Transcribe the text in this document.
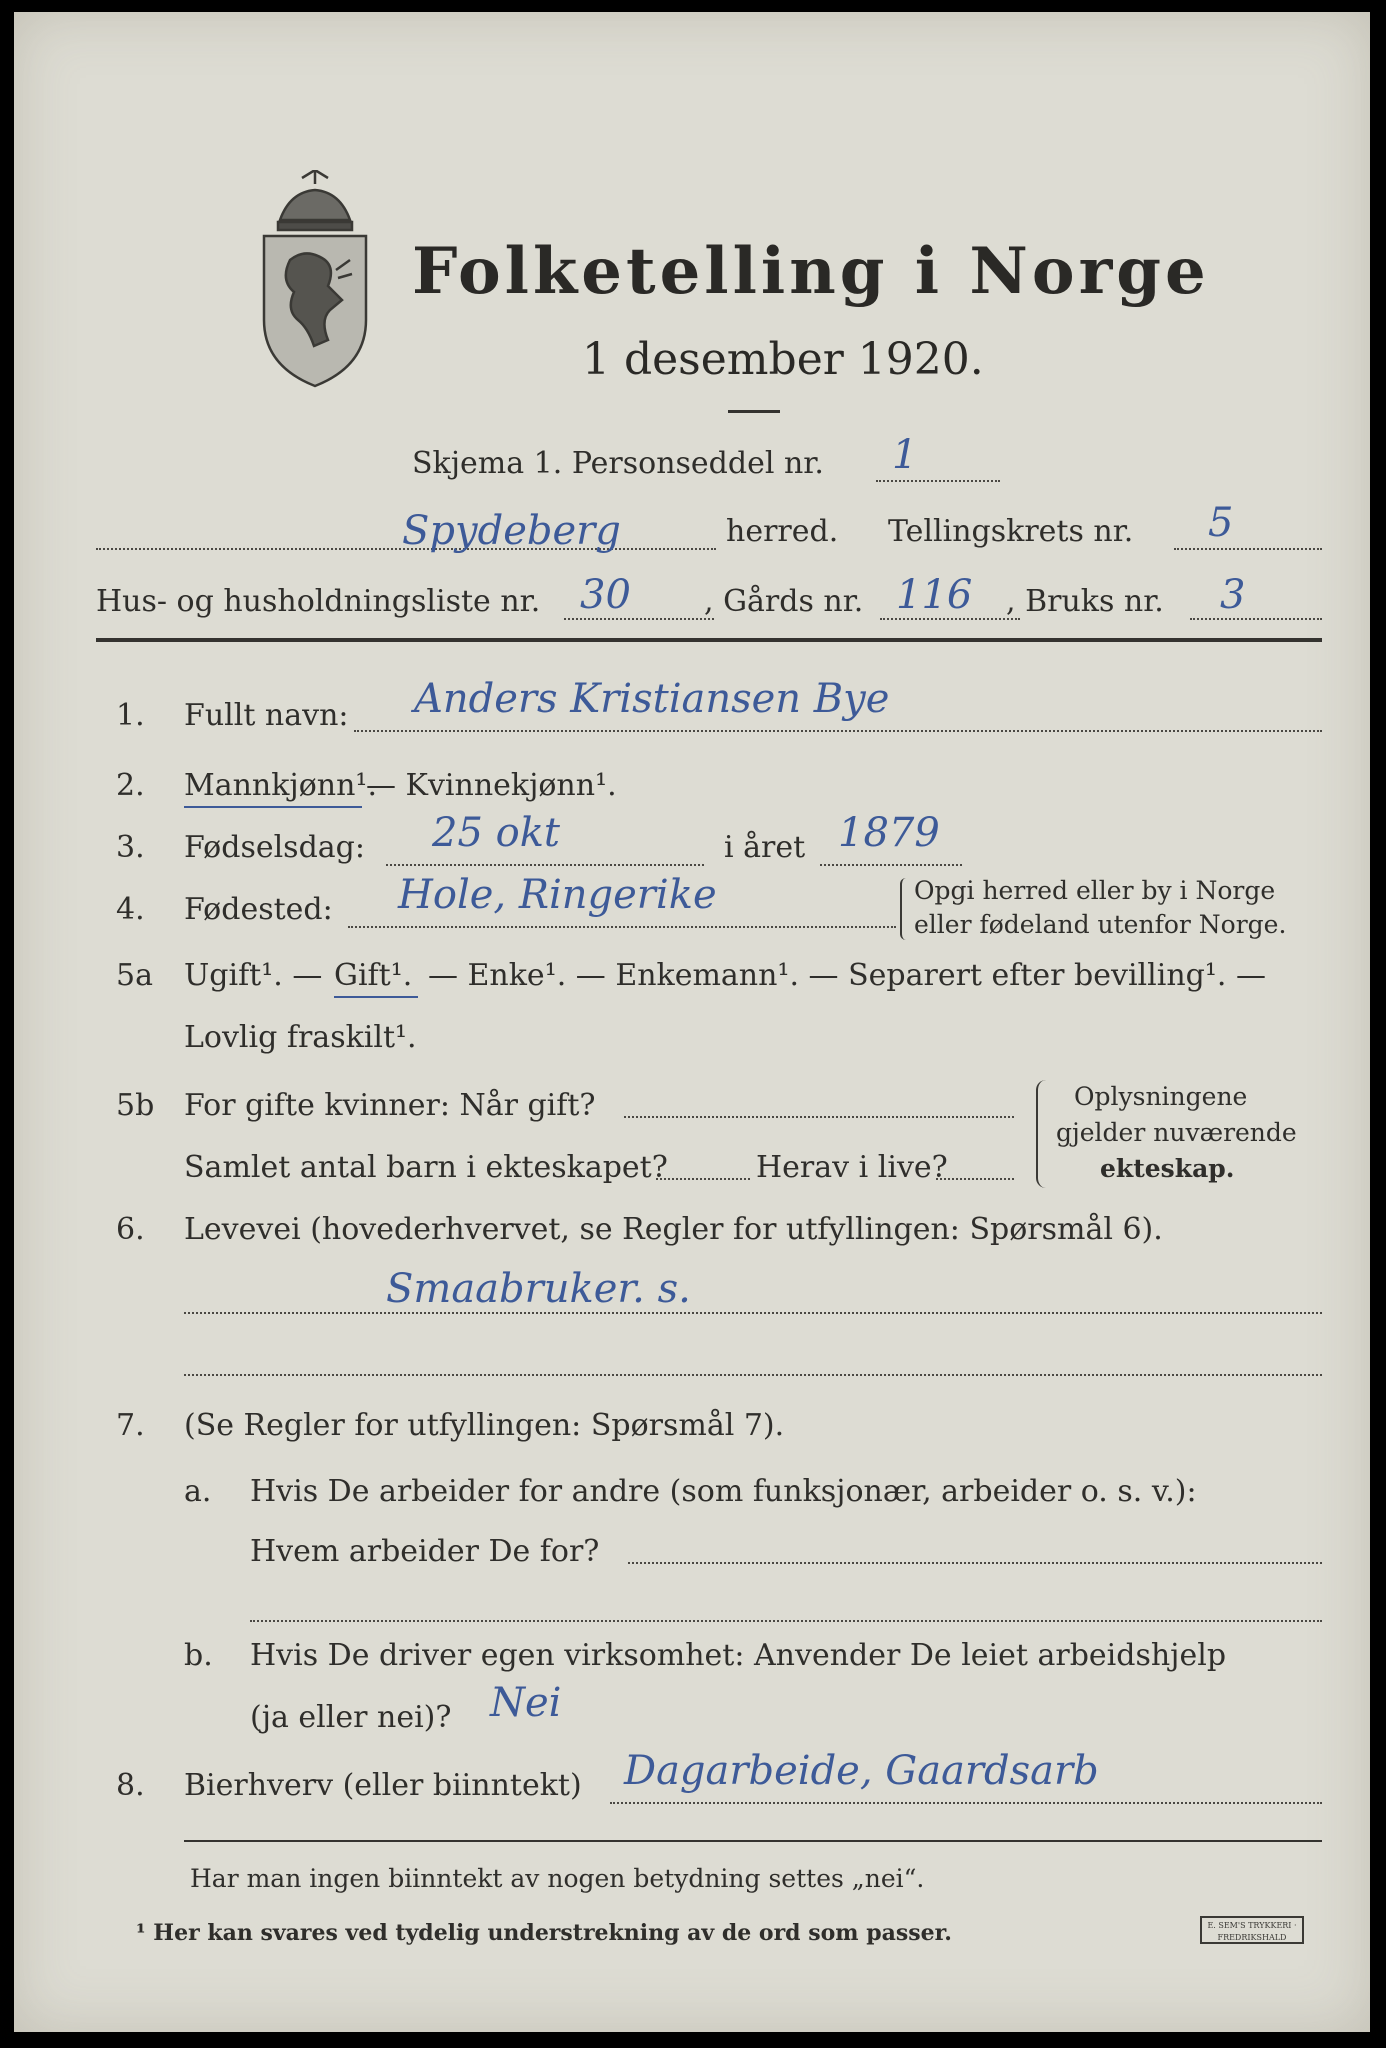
Folketelling i Norge
1 desember 1920.
Skjema 1. Personseddel nr. 1
Spydeberg	herred. Tellingskrets nr. 5
Hus- og husholdningsliste nr. 30 , Gårds nr. 116 , Bruks nr. 3
1. Fullt navn: Anders Kristiansen Bye
2. Mannkjønn¹.
— Kvinnekjønn¹.
3. Fødselsdag: 25 okt	i året 1879
4. Fødested: Hole, Ringerike	Opgi herred eller by i Norge
eller fødeland utenfor Norge.
5a Ugift¹. — Gift¹. — Enke¹. — Enkemann¹. — Separert efter bevilling¹. —
Lovlig fraskilt¹.
5b For gifte kvinner: Når gift?
Samlet antal barn i ekteskapet?	Herav i live?
Oplysningene
gjelder nuværende
ekteskap.
6. Levevei (hovederhvervet, se Regler for utfyllingen: Spørsmål 6).
Smaabruker. s.
7. (Se Regler for utfyllingen: Spørsmål 7).
a. Hvis De arbeider for andre (som funksjonær, arbeider o. s. v.):
Hvem arbeider De for?
b. Hvis De driver egen virksomhet: Anvender De leiet arbeidshjelp
(ja eller nei)? Nei
8. Bierhverv (eller biinntekt) Dagarbeide, Gaardsarb
Har man ingen biinntekt av nogen betydning settes „nei“.
¹ Her kan svares ved tydelig understrekning av de ord som passer.	E. SEM'S TRYKKERI · FREDRIKSHALD
